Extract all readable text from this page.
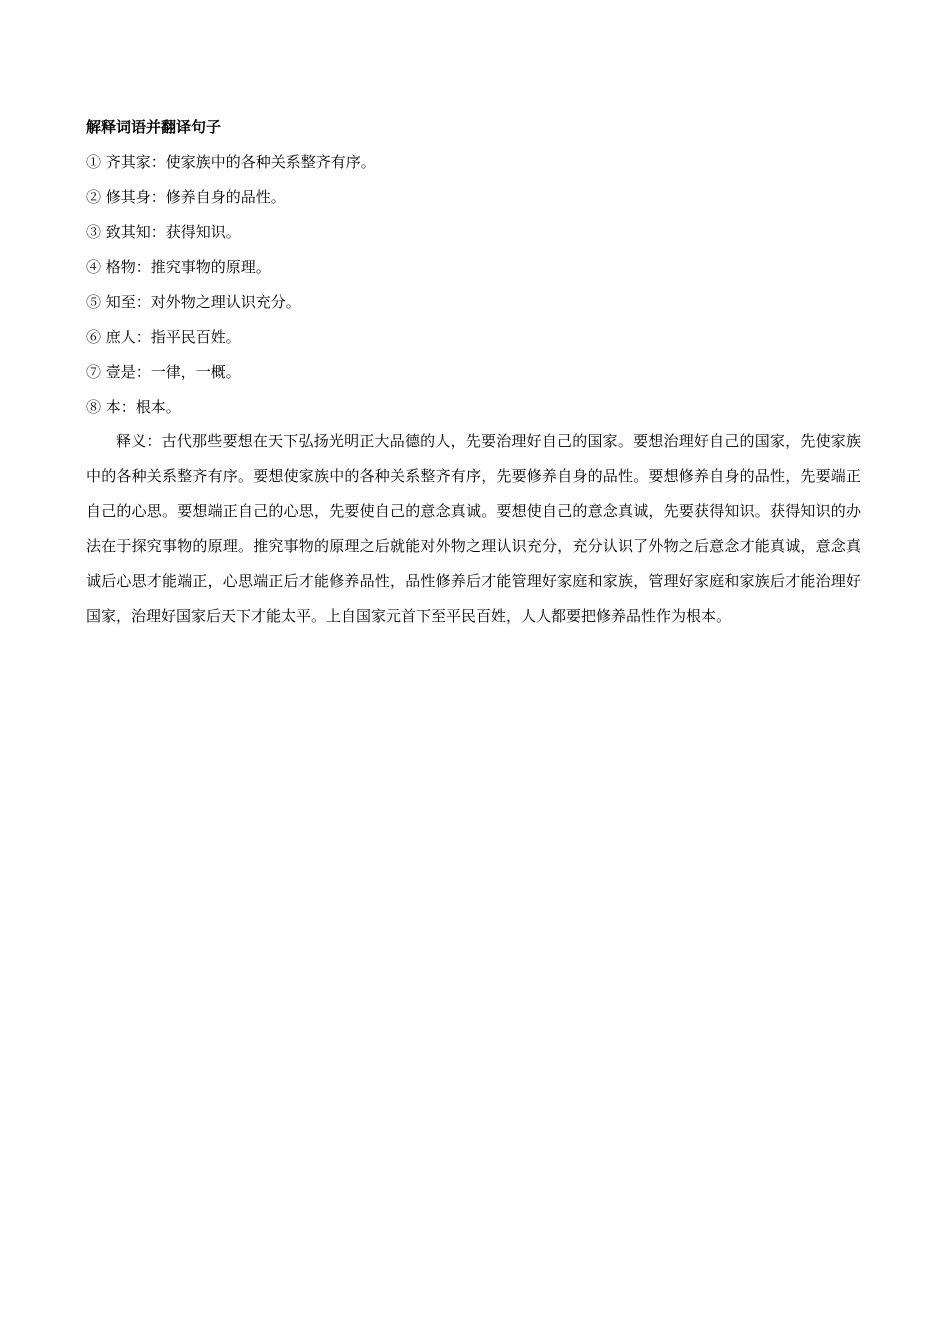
解释词语并翻译句子
① 齐其家：使家族中的各种关系整齐有序。
② 修其身：修养自身的品性。
③ 致其知：获得知识。
④ 格物：推究事物的原理。
⑤ 知至：对外物之理认识充分。
⑥ 庶人：指平民百姓。
⑦ 壹是：一律，一概。
⑧ 本：根本。

释义：古代那些要想在天下弘扬光明正大品德的人，先要治理好自己的国家。要想治理好自己的国家，先使家族中的各种关系整齐有序。要想使家族中的各种关系整齐有序，先要修养自身的品性。要想修养自身的品性，先要端正自己的心思。要想端正自己的心思，先要使自己的意念真诚。要想使自己的意念真诚，先要获得知识。获得知识的办法在于探究事物的原理。推究事物的原理之后就能对外物之理认识充分，充分认识了外物之后意念才能真诚，意念真诚后心思才能端正，心思端正后才能修养品性，品性修养后才能管理好家庭和家族，管理好家庭和家族后才能治理好国家，治理好国家后天下才能太平。上自国家元首下至平民百姓，人人都要把修养品性作为根本。
